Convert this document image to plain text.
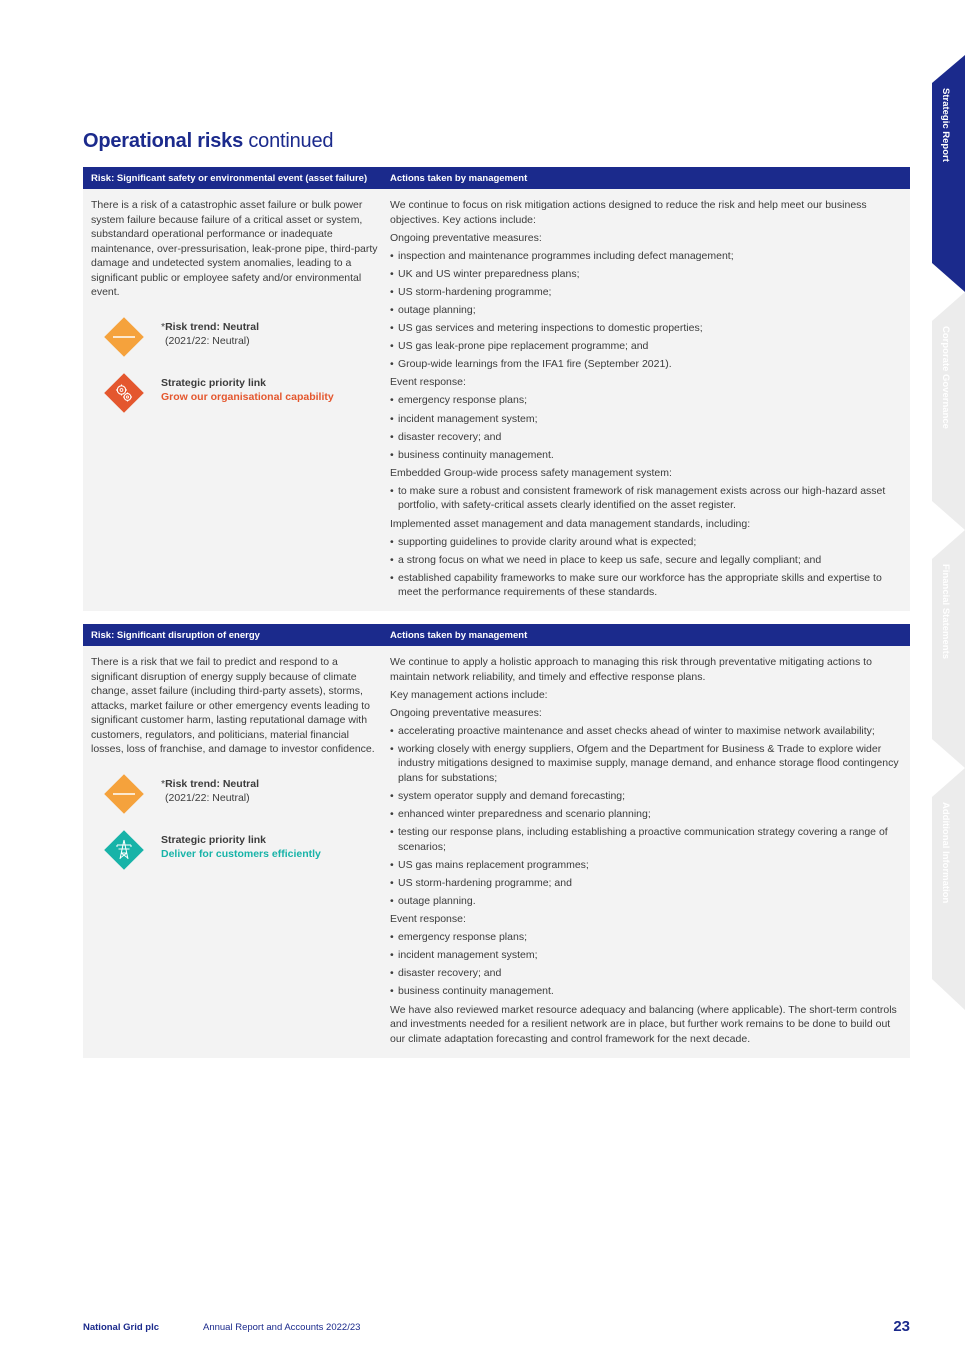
Operational risks continued
Risk: Significant safety or environmental event (asset failure)	Actions taken by management

There is a risk of a catastrophic asset failure or bulk power system failure because failure of a critical asset or system, substandard operational performance or inadequate maintenance, over-pressurisation, leak-prone pipe, third-party damage and undetected system anomalies, leading to a significant public or employee safety and/or environmental event.

*Risk trend: Neutral
(2021/22: Neutral)
Strategic priority link
Grow our organisational capability

We continue to focus on risk mitigation actions designed to reduce the risk and help meet our business objectives. Key actions include:

Ongoing preventative measures:

• inspection and maintenance programmes including defect management;

• UK and US winter preparedness plans;

• US storm-hardening programme;

• outage planning;

• US gas services and metering inspections to domestic properties;

• US gas leak-prone pipe replacement programme; and

• Group-wide learnings from the IFA1 fire (September 2021).

Event response:

• emergency response plans;

• incident management system;

• disaster recovery; and

• business continuity management.

Embedded Group-wide process safety management system:

• to make sure a robust and consistent framework of risk management exists across our high-hazard asset portfolio, with safety-critical assets clearly identified on the asset register.

Implemented asset management and data management standards, including:

• supporting guidelines to provide clarity around what is expected;

• a strong focus on what we need in place to keep us safe, secure and legally compliant; and

• established capability frameworks to make sure our workforce has the appropriate skills and expertise to meet the performance requirements of these standards.

Risk: Significant disruption of energy	Actions taken by management

There is a risk that we fail to predict and respond to a significant disruption of energy supply because of climate change, asset failure (including third-party assets), storms, attacks, market failure or other emergency events leading to significant customer harm, lasting reputational damage with customers, regulators, and politicians, material financial losses, loss of franchise, and damage to investor confidence.

*Risk trend: Neutral
(2021/22: Neutral)
Strategic priority link
Deliver for customers efficiently

We continue to apply a holistic approach to managing this risk through preventative mitigating actions to maintain network reliability, and timely and effective response plans.

Key management actions include:

Ongoing preventative measures:

• accelerating proactive maintenance and asset checks ahead of winter to maximise network availability;

• working closely with energy suppliers, Ofgem and the Department for Business & Trade to explore wider industry mitigations designed to maximise supply, manage demand, and enhance storage flood contingency plans for substations;

• system operator supply and demand forecasting;

• enhanced winter preparedness and scenario planning;

• testing our response plans, including establishing a proactive communication strategy covering a range of scenarios;

• US gas mains replacement programmes;

• US storm-hardening programme; and

• outage planning.

Event response:

• emergency response plans;

• incident management system;

• disaster recovery; and

• business continuity management.

We have also reviewed market resource adequacy and balancing (where applicable). The short-term controls and investments needed for a resilient network are in place, but further work remains to be done to build out our climate adaptation forecasting and control framework for the next decade.

Strategic Report
Corporate Governance
Financial Statements
Additional Information
National Grid plc	Annual Report and Accounts 2022/23	23
